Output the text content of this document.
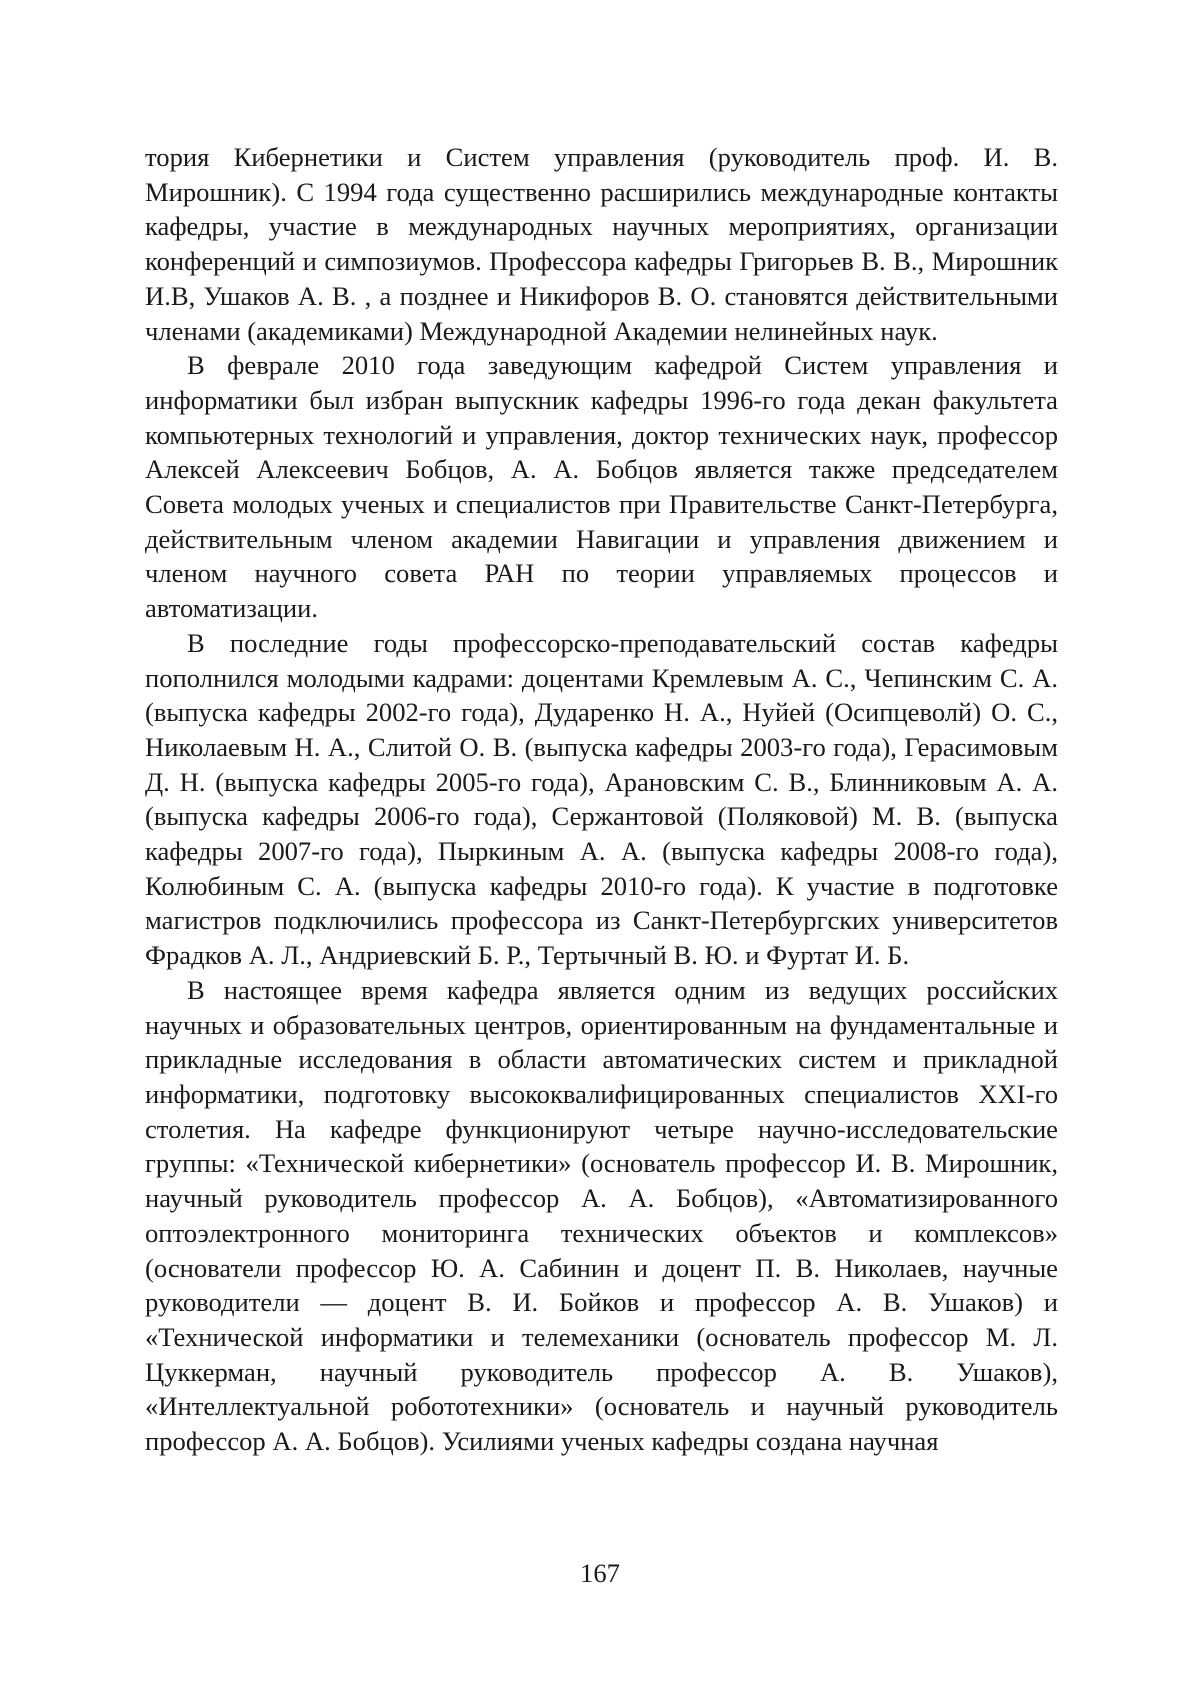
тория Кибернетики и Систем управления (руководитель проф. И. В. Мирошник). С 1994 года существенно расширились международные контакты кафедры, участие в международных научных мероприятиях, организации конференций и симпозиумов. Профессора кафедры Григорьев В. В., Мирошник И.В, Ушаков А. В. , а позднее и Никифоров В. О. становятся действительными членами (академиками) Международной Академии нелинейных наук.

В феврале 2010 года заведующим кафедрой Систем управления и информатики был избран выпускник кафедры 1996-го года декан факультета компьютерных технологий и управления, доктор технических наук, профессор Алексей Алексеевич Бобцов, А. А. Бобцов является также председателем Совета молодых ученых и специалистов при Правительстве Санкт-Петербурга, действительным членом академии Навигации и управления движением и членом научного совета РАН по теории управляемых процессов и автоматизации.

В последние годы профессорско-преподавательский состав кафедры пополнился молодыми кадрами: доцентами Кремлевым А. С., Чепинским С. А. (выпуска кафедры 2002-го года), Дударенко Н. А., Нуйей (Осипцеволй) О. С., Николаевым Н. А., Слитой О. В. (выпуска кафедры 2003-го года), Герасимовым Д. Н. (выпуска кафедры 2005-го года), Арановским С. В., Блинниковым А. А. (выпуска кафедры 2006-го года), Сержантовой (Поляковой) М. В. (выпуска кафедры 2007-го года), Пыркиным А. А. (выпуска кафедры 2008-го года), Колюбиным С. А. (выпуска кафедры 2010-го года). К участие в подготовке магистров подключились профессора из Санкт-Петербургских университетов Фрадков А. Л., Андриевский Б. Р., Тертычный В. Ю. и Фуртат И. Б.

В настоящее время кафедра является одним из ведущих российских научных и образовательных центров, ориентированным на фундаментальные и прикладные исследования в области автоматических систем и прикладной информатики, подготовку высококвалифицированных специалистов XXI-го столетия. На кафедре функционируют четыре научно-исследовательские группы: «Технической кибернетики» (основатель профессор И. В. Мирошник, научный руководитель профессор А. А. Бобцов), «Автоматизированного оптоэлектронного мониторинга технических объектов и комплексов» (основатели профессор Ю. А. Сабинин и доцент П. В. Николаев, научные руководители — доцент В. И. Бойков и профессор А. В. Ушаков) и «Технической информатики и телемеханики (основатель профессор М. Л. Цуккерман, научный руководитель профессор А. В. Ушаков), «Интеллектуальной робототехники» (основатель и научный руководитель профессор А. А. Бобцов). Усилиями ученых кафедры создана научная

167
